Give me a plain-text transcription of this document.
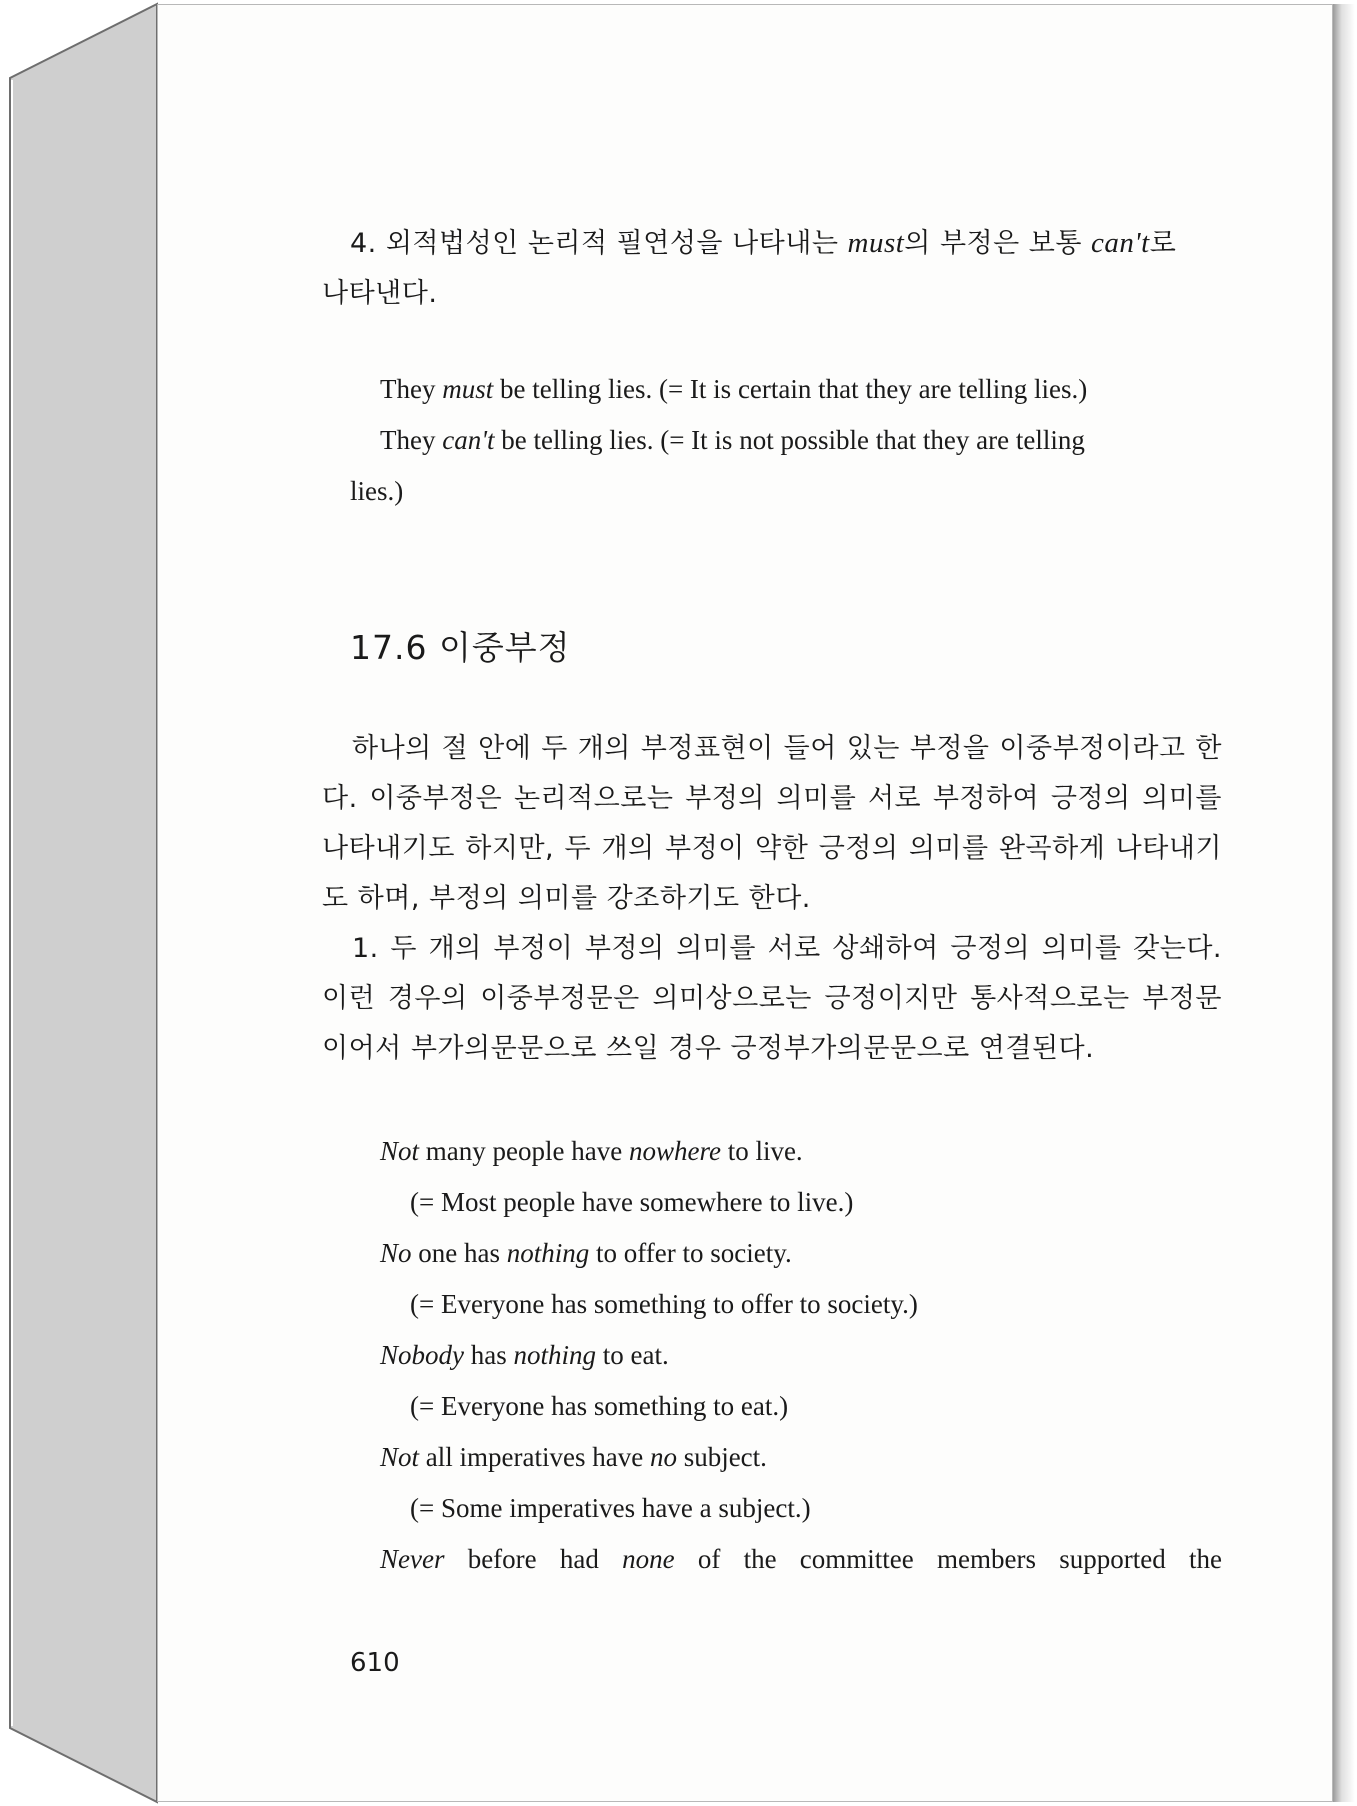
4. 외적법성인 논리적 필연성을 나타내는 must의 부정은 보통 can't로
나타낸다.
They must be telling lies. (= It is certain that they are telling lies.)
They can't be telling lies. (= It is not possible that they are telling
lies.)
17.6 이중부정
하나의 절 안에 두 개의 부정표현이 들어 있는 부정을 이중부정이라고 한다. 이중부정은 논리적으로는 부정의 의미를 서로 부정하여 긍정의 의미를 나타내기도 하지만, 두 개의 부정이 약한 긍정의 의미를 완곡하게 나타내기도 하며, 부정의 의미를 강조하기도 한다.
1. 두 개의 부정이 부정의 의미를 서로 상쇄하여 긍정의 의미를 갖는다. 이런 경우의 이중부정문은 의미상으로는 긍정이지만 통사적으로는 부정문이어서 부가의문문으로 쓰일 경우 긍정부가의문문으로 연결된다.
Not many people have nowhere to live.
(= Most people have somewhere to live.)
No one has nothing to offer to society.
(= Everyone has something to offer to society.)
Nobody has nothing to eat.
(= Everyone has something to eat.)
Not all imperatives have no subject.
(= Some imperatives have a subject.)
Never before had none of the committee members supported the
610
